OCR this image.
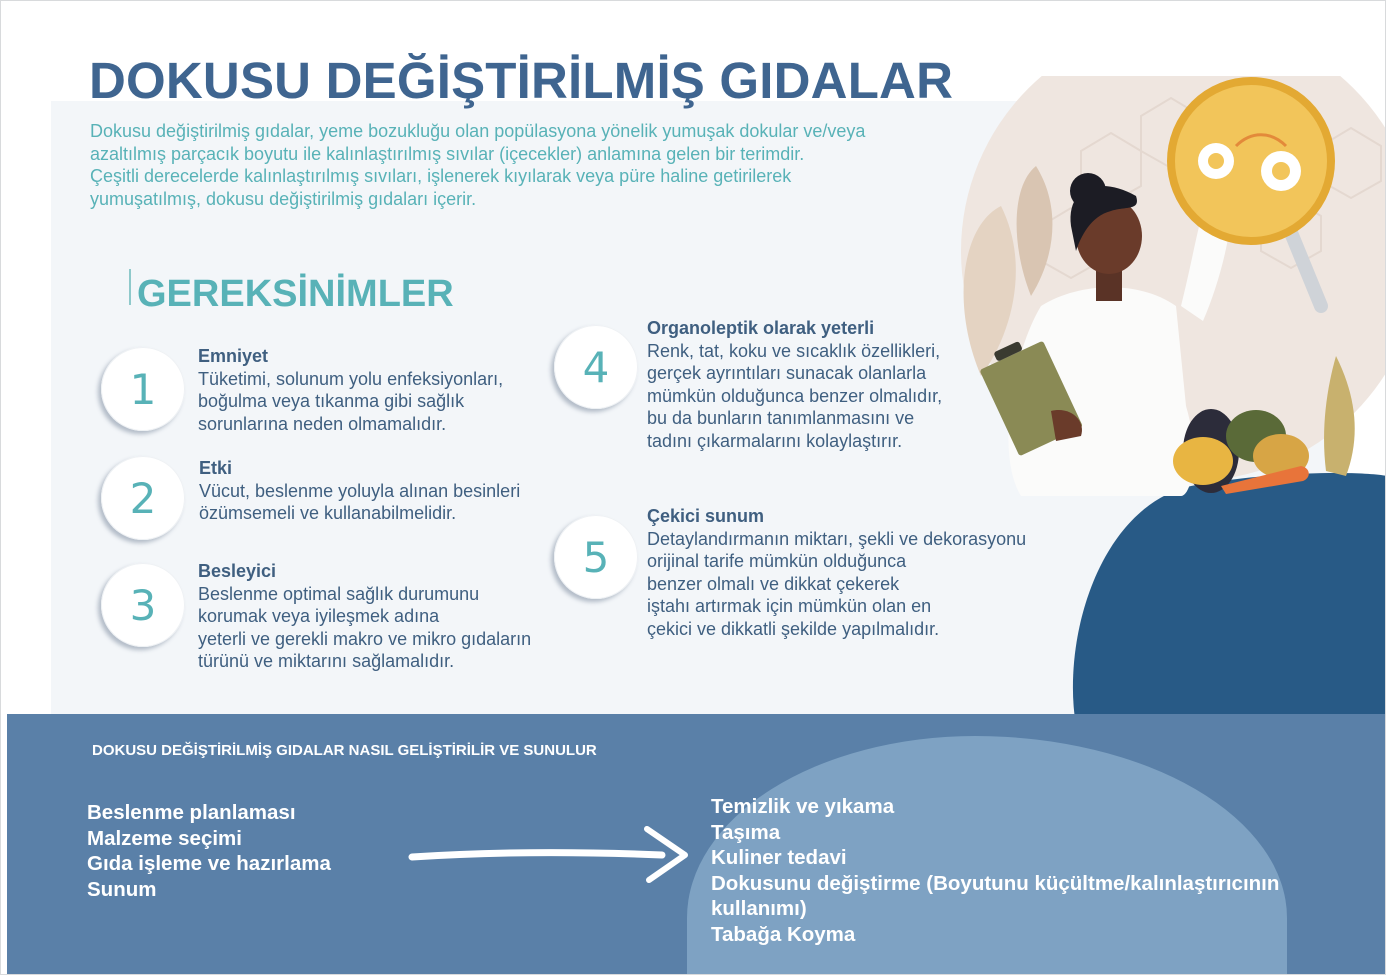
DOKUSU DEĞİŞTİRİLMİŞ GIDALAR
Dokusu değiştirilmiş gıdalar, yeme bozukluğu olan popülasyona yönelik yumuşak dokular ve/veya
azaltılmış parçacık boyutu ile kalınlaştırılmış sıvılar (içecekler) anlamına gelen bir terimdir.
Çeşitli derecelerde kalınlaştırılmış sıvıları, işlenerek kıyılarak veya püre haline getirilerek
yumuşatılmış, dokusu değiştirilmiş gıdaları içerir.
GEREKSİNİMLER
1
Emniyet
Tüketimi, solunum yolu enfeksiyonları,
boğulma veya tıkanma gibi sağlık
sorunlarına neden olmamalıdır.
2
Etki
Vücut, beslenme yoluyla alınan besinleri
özümsemeli ve kullanabilmelidir.
3
Besleyici
Beslenme optimal sağlık durumunu
korumak veya iyileşmek adına
yeterli ve gerekli makro ve mikro gıdaların
türünü ve miktarını sağlamalıdır.
4
Organoleptik olarak yeterli
Renk, tat, koku ve sıcaklık özellikleri,
gerçek ayrıntıları sunacak olanlarla
mümkün olduğunca benzer olmalıdır,
bu da bunların tanımlanmasını ve
tadını çıkarmalarını kolaylaştırır.
5
Çekici sunum
Detaylandırmanın miktarı, şekli ve dekorasyonu
orijinal tarife mümkün olduğunca
benzer olmalı ve dikkat çekerek
iştahı artırmak için mümkün olan en
çekici ve dikkatli şekilde yapılmalıdır.
DOKUSU DEĞİŞTİRİLMİŞ GIDALAR NASIL GELİŞTİRİLİR VE SUNULUR
Beslenme planlaması
Malzeme seçimi
Gıda işleme ve hazırlama
Sunum
Temizlik ve yıkama
Taşıma
Kuliner tedavi
Dokusunu değiştirme (Boyutunu küçültme/kalınlaştırıcının
kullanımı)
Tabağa Koyma
